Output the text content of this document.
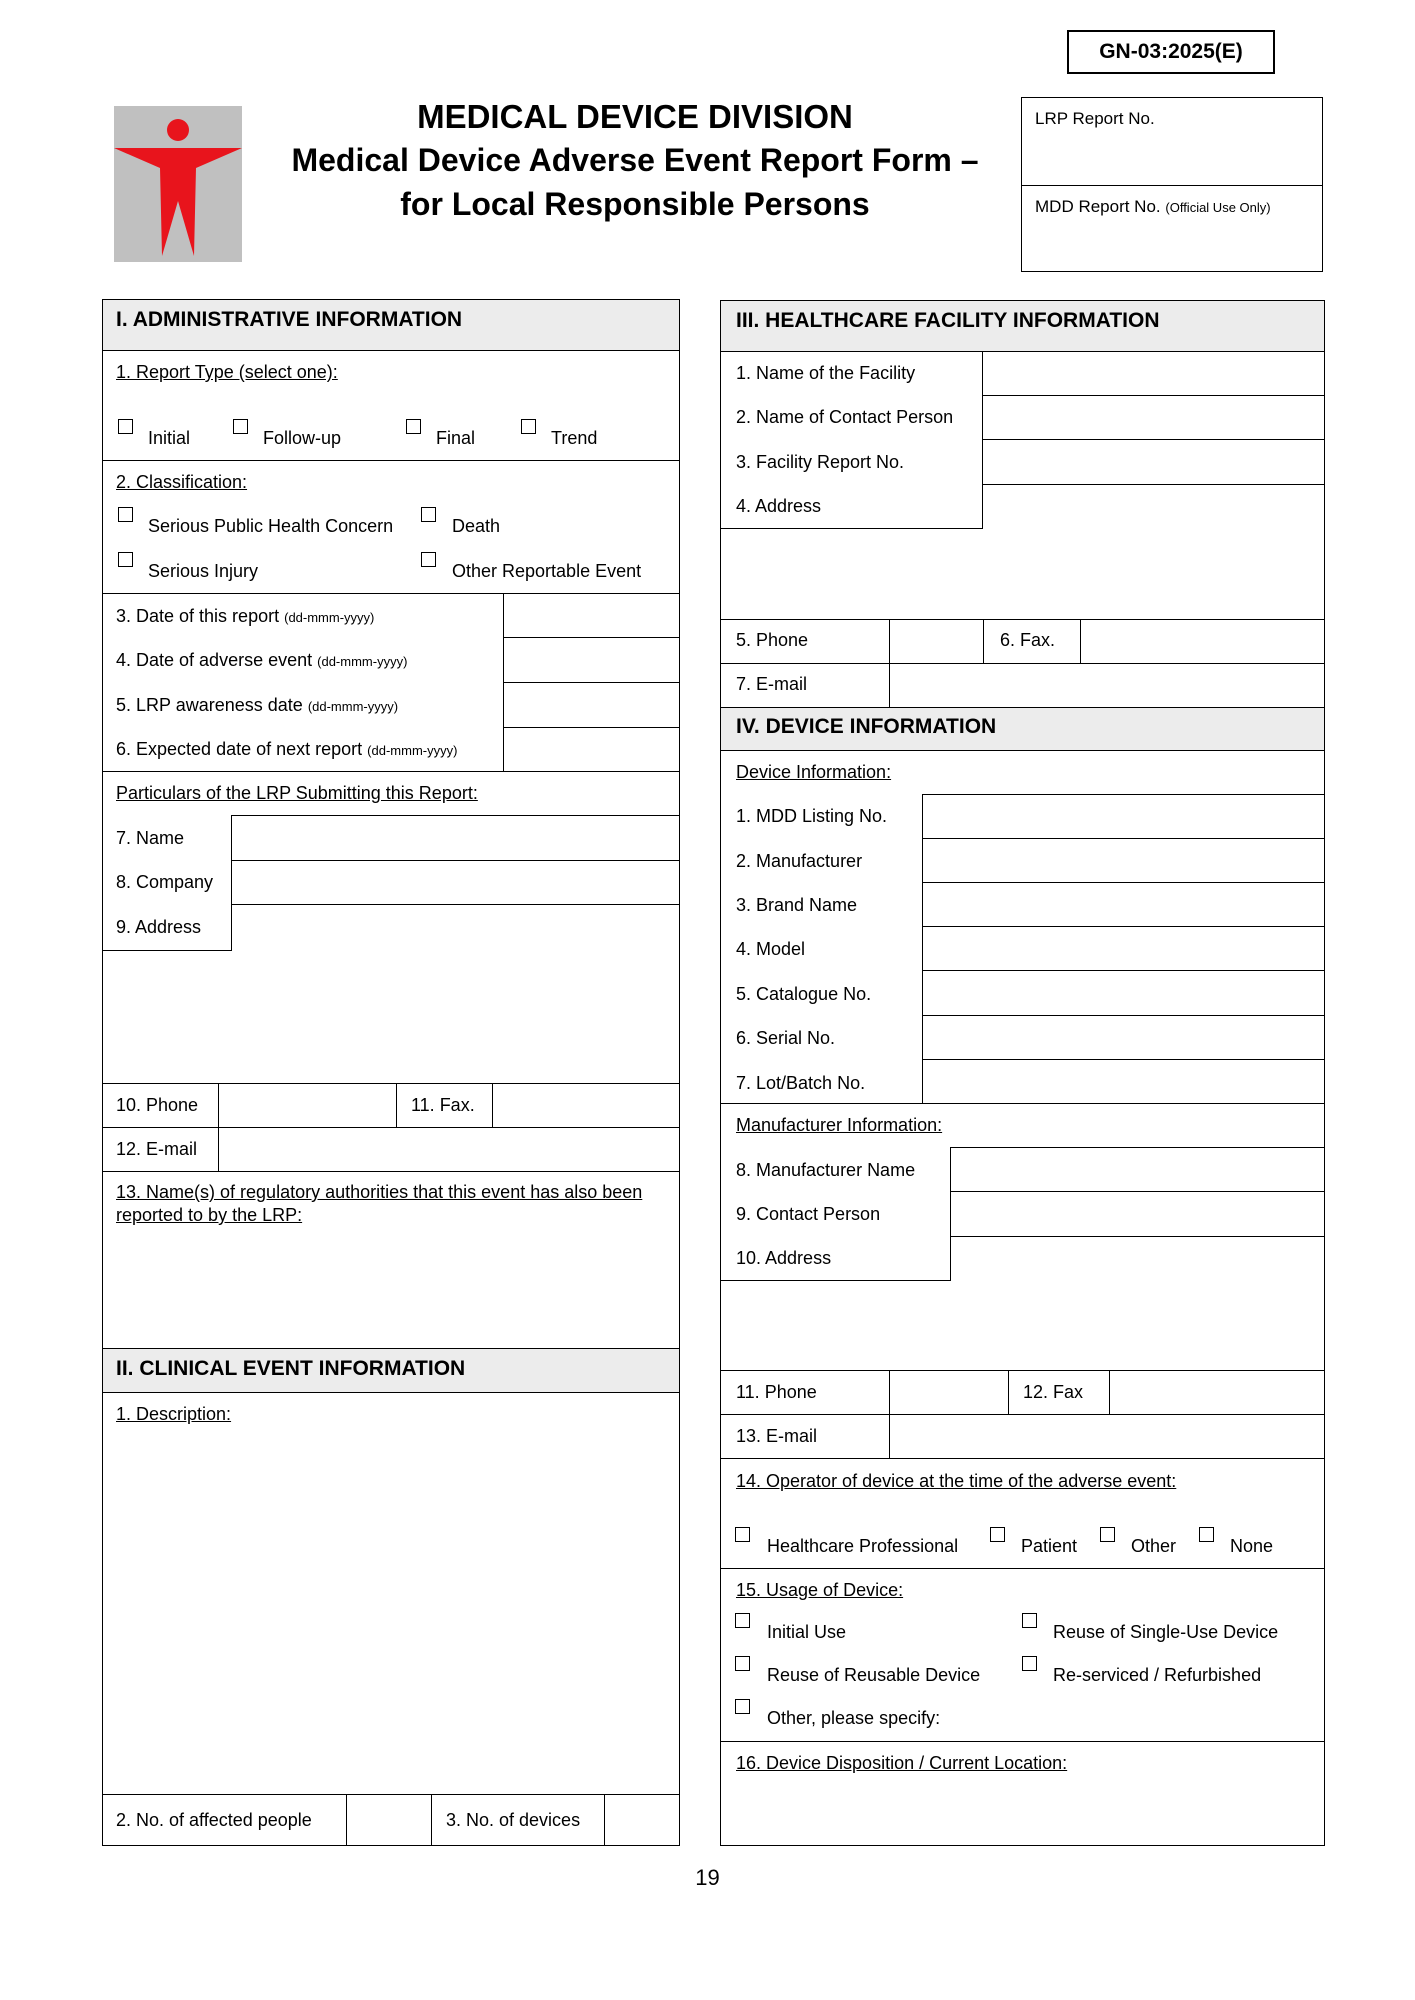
GN-03:2025(E)
MEDICAL DEVICE DIVISION
Medical Device Adverse Event Report Form –
for Local Responsible Persons
LRP Report No.
MDD Report No. (Official Use Only)
I. ADMINISTRATIVE INFORMATION
1. Report Type (select one):
Initial	Follow-up	Final	Trend
2. Classification:
Serious Public Health Concern	Death
Serious Injury	Other Reportable Event
3. Date of this report (dd-mmm-yyyy)
4. Date of adverse event (dd-mmm-yyyy)
5. LRP awareness date (dd-mmm-yyyy)
6. Expected date of next report (dd-mmm-yyyy)
Particulars of the LRP Submitting this Report:
7. Name
8. Company
9. Address
10. Phone	11. Fax.
12. E-mail
13. Name(s) of regulatory authorities that this event has also been reported to by the LRP:
II. CLINICAL EVENT INFORMATION
1. Description:
2. No. of affected people	3. No. of devices
III. HEALTHCARE FACILITY INFORMATION
1. Name of the Facility
2. Name of Contact Person
3. Facility Report No.
4. Address
5. Phone	6. Fax.
7. E-mail
IV. DEVICE INFORMATION
Device Information:
1. MDD Listing No.
2. Manufacturer
3. Brand Name
4. Model
5. Catalogue No.
6. Serial No.
7. Lot/Batch No.
Manufacturer Information:
8. Manufacturer Name
9. Contact Person
10. Address
11. Phone	12. Fax
13. E-mail
14. Operator of device at the time of the adverse event:
Healthcare Professional	Patient	Other	None
15. Usage of Device:
Initial Use	Reuse of Single-Use Device
Reuse of Reusable Device	Re-serviced / Refurbished
Other, please specify:
16. Device Disposition / Current Location:
19
